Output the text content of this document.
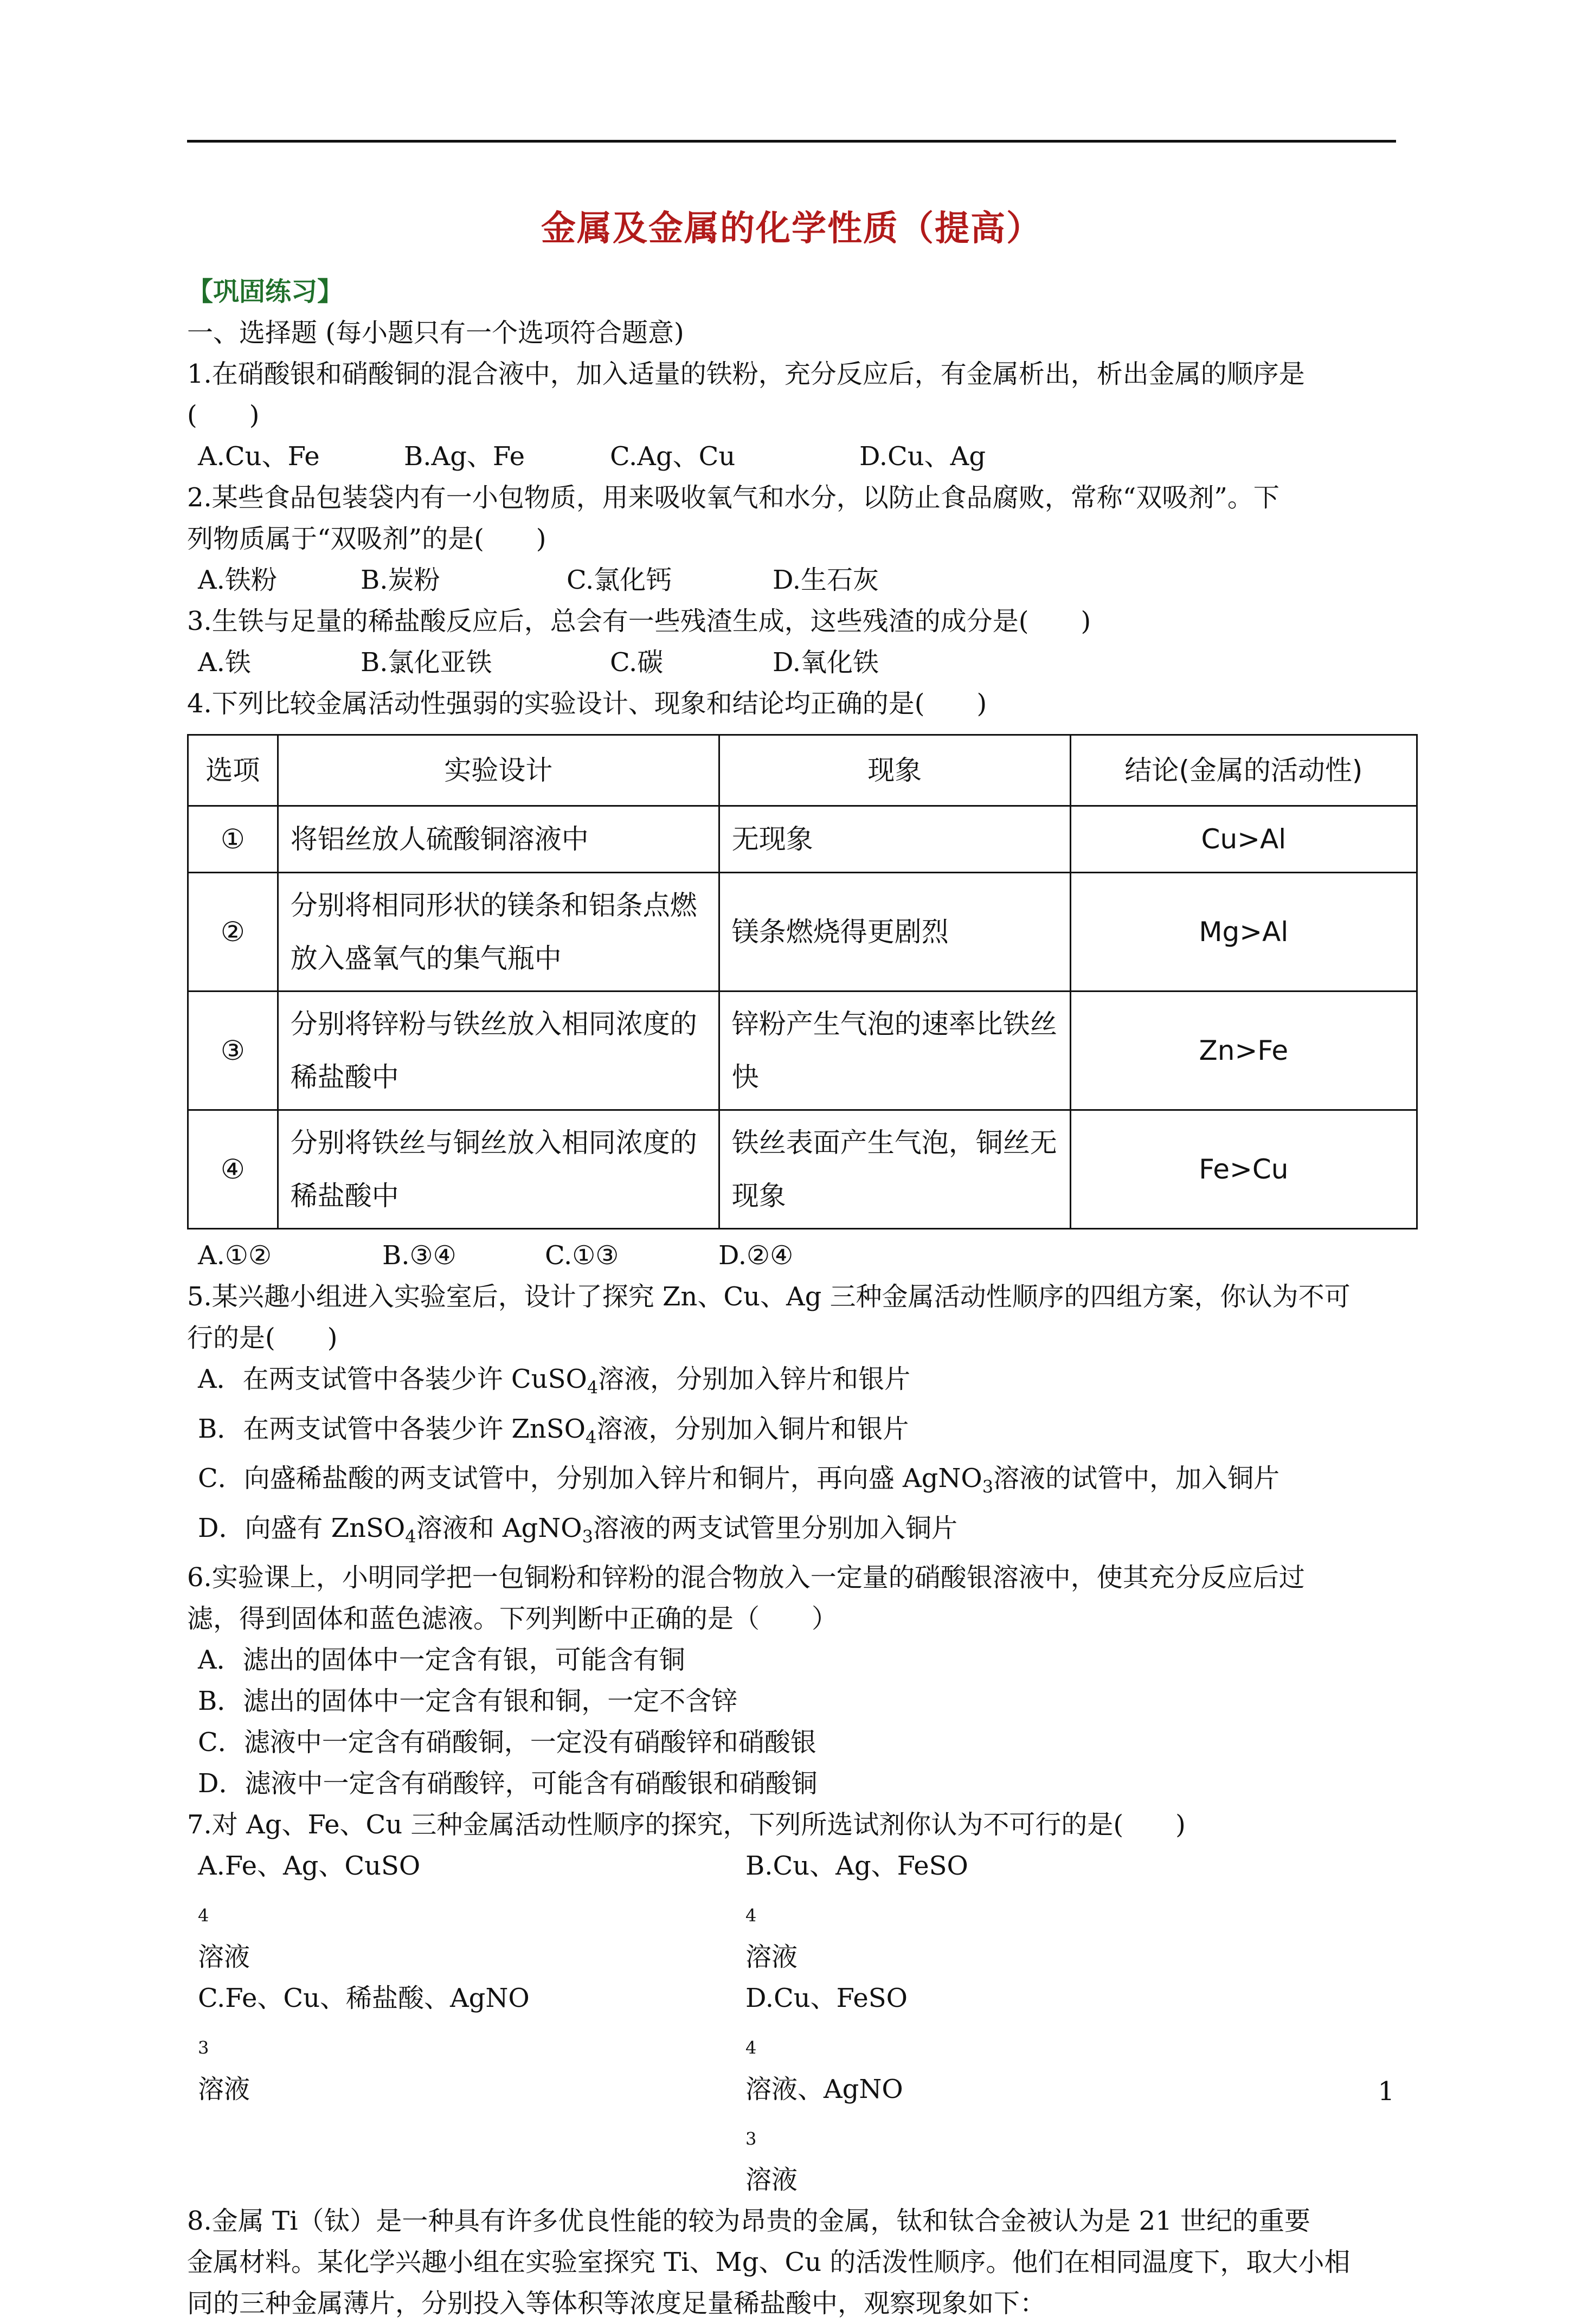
金属及金属的化学性质（提高）
【巩固练习】
一、选择题 (每小题只有一个选项符合题意)
1.在硝酸银和硝酸铜的混合液中，加入适量的铁粉，充分反应后，有金属析出，析出金属的顺序是
(　　)
A.Cu、Fe	B.Ag、Fe	C.Ag、Cu	D.Cu、Ag
2.某些食品包装袋内有一小包物质，用来吸收氧气和水分，以防止食品腐败，常称“双吸剂”。下
列物质属于“双吸剂”的是(　　)
A.铁粉	B.炭粉	C.氯化钙	D.生石灰
3.生铁与足量的稀盐酸反应后，总会有一些残渣生成，这些残渣的成分是(　　)
A.铁	B.氯化亚铁	C.碳	D.氧化铁
4.下列比较金属活动性强弱的实验设计、现象和结论均正确的是(　　)
选项	实验设计	现象	结论(金属的活动性)
①	将铝丝放人硫酸铜溶液中	无现象	Cu>Al
②	分别将相同形状的镁条和铝条点燃放入盛氧气的集气瓶中	镁条燃烧得更剧烈	Mg>Al
③	分别将锌粉与铁丝放入相同浓度的稀盐酸中	锌粉产生气泡的速率比铁丝快	Zn>Fe
④	分别将铁丝与铜丝放入相同浓度的稀盐酸中	铁丝表面产生气泡，铜丝无现象	Fe>Cu
A.①②	B.③④	C.①③	D.②④
5.某兴趣小组进入实验室后，设计了探究 Zn、Cu、Ag 三种金属活动性顺序的四组方案，你认为不可
行的是(　　)
A．在两支试管中各装少许 CuSO$_4$溶液，分别加入锌片和银片
B．在两支试管中各装少许 ZnSO$_4$溶液，分别加入铜片和银片
C．向盛稀盐酸的两支试管中，分别加入锌片和铜片，再向盛 AgNO$_3$溶液的试管中，加入铜片
D．向盛有 ZnSO$_4$溶液和 AgNO$_3$溶液的两支试管里分别加入铜片
6.实验课上，小明同学把一包铜粉和锌粉的混合物放入一定量的硝酸银溶液中，使其充分反应后过
滤，得到固体和蓝色滤液。下列判断中正确的是（　　）
A．滤出的固体中一定含有银，可能含有铜
B．滤出的固体中一定含有银和铜，一定不含锌
C．滤液中一定含有硝酸铜，一定没有硝酸锌和硝酸银
D．滤液中一定含有硝酸锌，可能含有硝酸银和硝酸铜
7.对 Ag、Fe、Cu 三种金属活动性顺序的探究，下列所选试剂你认为不可行的是(　　)
A.Fe、Ag、CuSO$_4$溶液
B.Cu、Ag、FeSO$_4$溶液
C.Fe、Cu、稀盐酸、AgNO$_3$溶液
D.Cu、FeSO$_4$溶液、AgNO$_3$溶液
8.金属 Ti（钛）是一种具有许多优良性能的较为昂贵的金属，钛和钛合金被认为是 21 世纪的重要
金属材料。某化学兴趣小组在实验室探究 Ti、Mg、Cu 的活泼性顺序。他们在相同温度下，取大小相
同的三种金属薄片，分别投入等体积等浓度足量稀盐酸中，观察现象如下：
1
